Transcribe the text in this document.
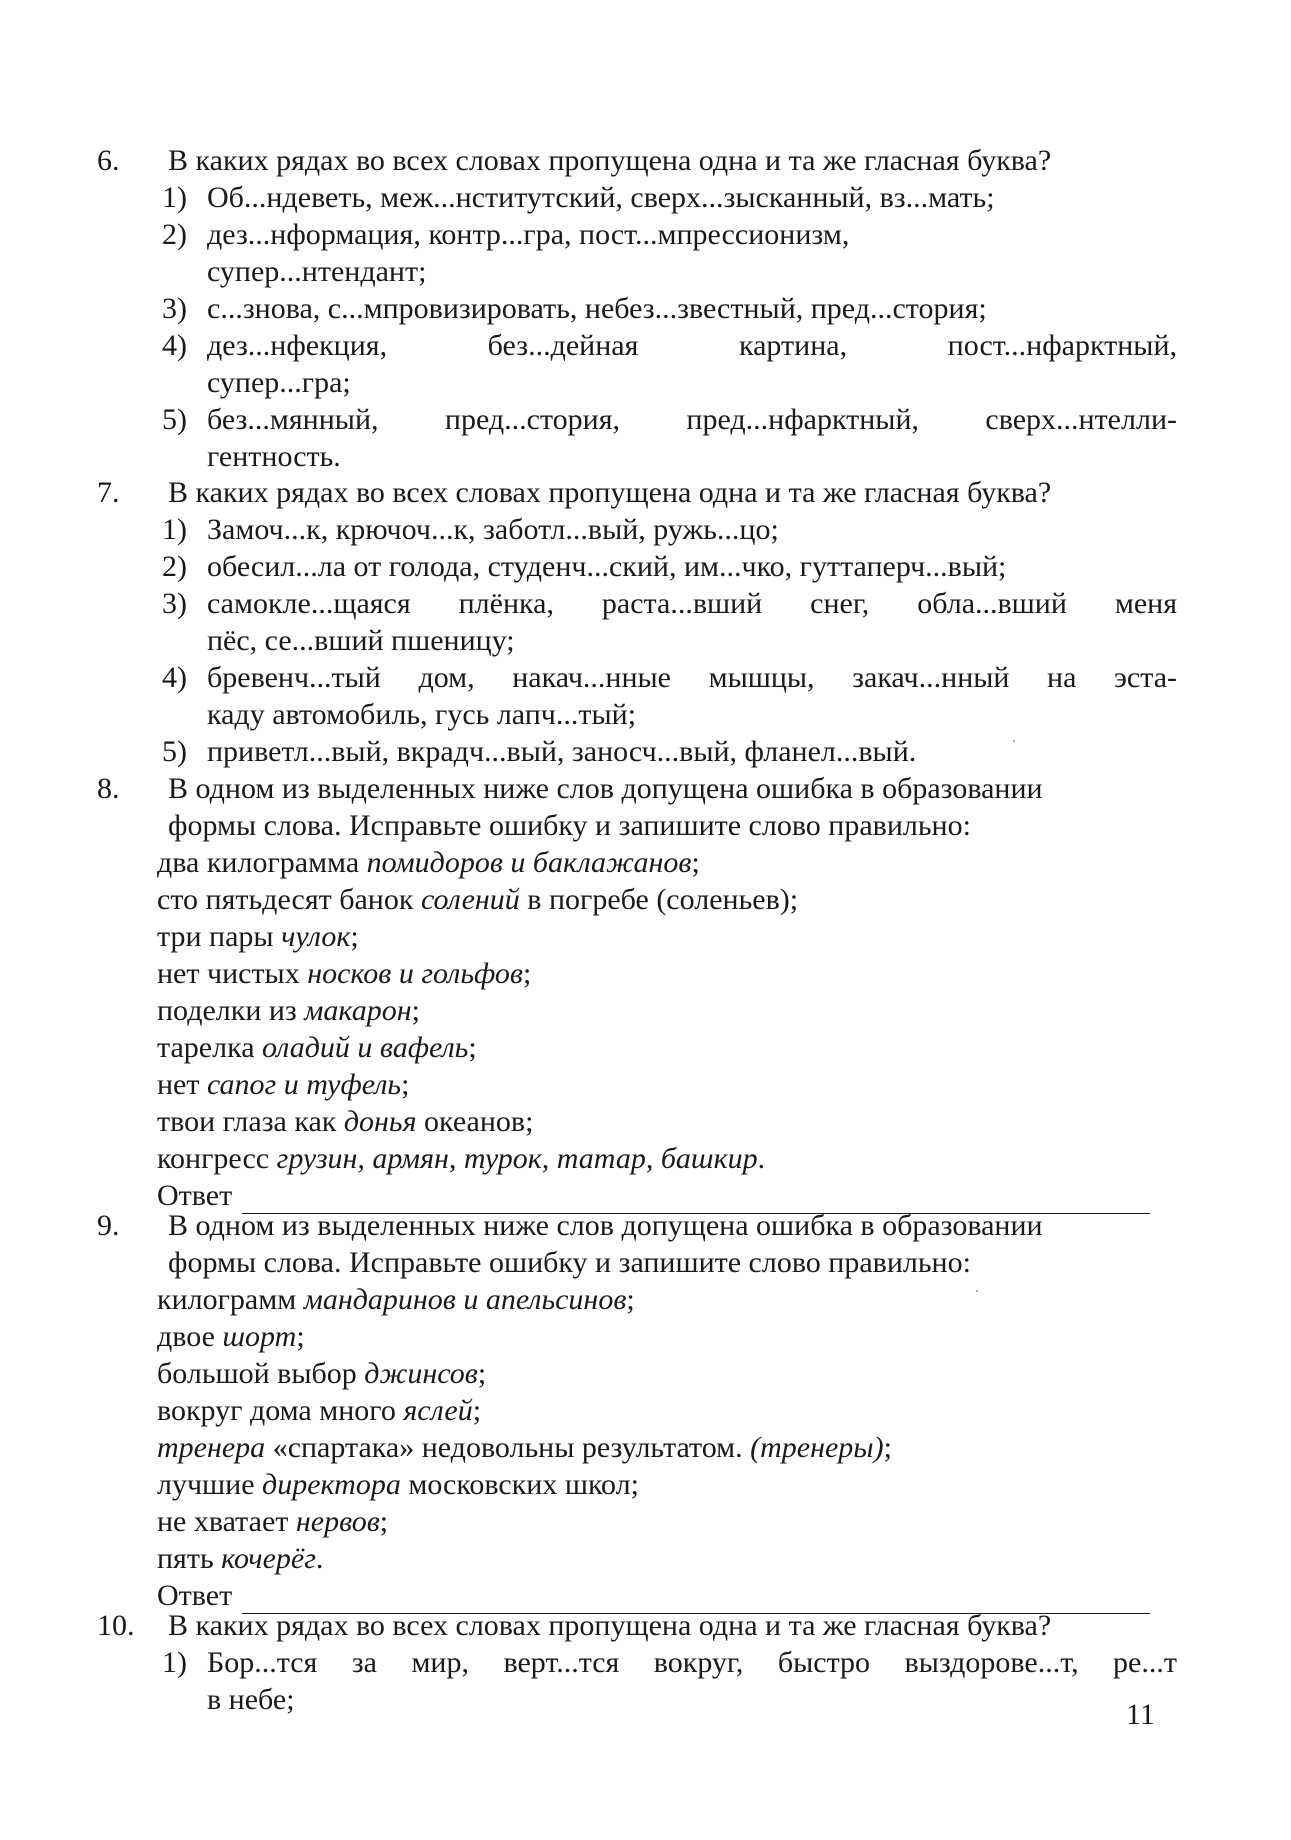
6.	В каких рядах во всех словах пропущена одна и та же гласная буква?
1) Об...ндеветь, меж...нститутский, сверх...зысканный, вз...мать;
2) дез...нформация, контр...гра, пост...мпрессионизм,
супер...нтендант;
3) с...знова, с...мпровизировать, небез...звестный, пред...стория;
4) дез...нфекция, без...дейная картина, пост...нфарктный,
супер...гра;
5) без...мянный, пред...стория, пред...нфарктный, сверх...нтелли-
гентность.
7.	В каких рядах во всех словах пропущена одна и та же гласная буква?
1) Замоч...к, крючоч...к, заботл...вый, ружь...цо;
2) обесил...ла от голода, студенч...ский, им...чко, гуттаперч...вый;
3) самокле...щаяся плёнка, раста...вший снег, обла...вший меня
пёс, се...вший пшеницу;
4) бревенч...тый дом, накач...нные мышцы, закач...нный на эста-
каду автомобиль, гусь лапч...тый;
5) приветл...вый, вкрадч...вый, заносч...вый, фланел...вый.
8.	В одном из выделенных ниже слов допущена ошибка в образовании
формы слова. Исправьте ошибку и запишите слово правильно:
два килограмма помидоров и баклажанов;
сто пятьдесят банок солений в погребе (соленьев);
три пары чулок;
нет чистых носков и гольфов;
поделки из макарон;
тарелка оладий и вафель;
нет сапог и туфель;
твои глаза как донья океанов;
конгресс грузин, армян, турок, татар, башкир.
Ответ
9.	В одном из выделенных ниже слов допущена ошибка в образовании
формы слова. Исправьте ошибку и запишите слово правильно:
килограмм мандаринов и апельсинов;
двое шорт;
большой выбор джинсов;
вокруг дома много яслей;
тренера «спартака» недовольны результатом. (тренеры);
лучшие директора московских школ;
не хватает нервов;
пять кочерёг.
Ответ
10.	В каких рядах во всех словах пропущена одна и та же гласная буква?
1) Бор...тся за мир, верт...тся вокруг, быстро выздорове...т, ре...т
в небе;	11
